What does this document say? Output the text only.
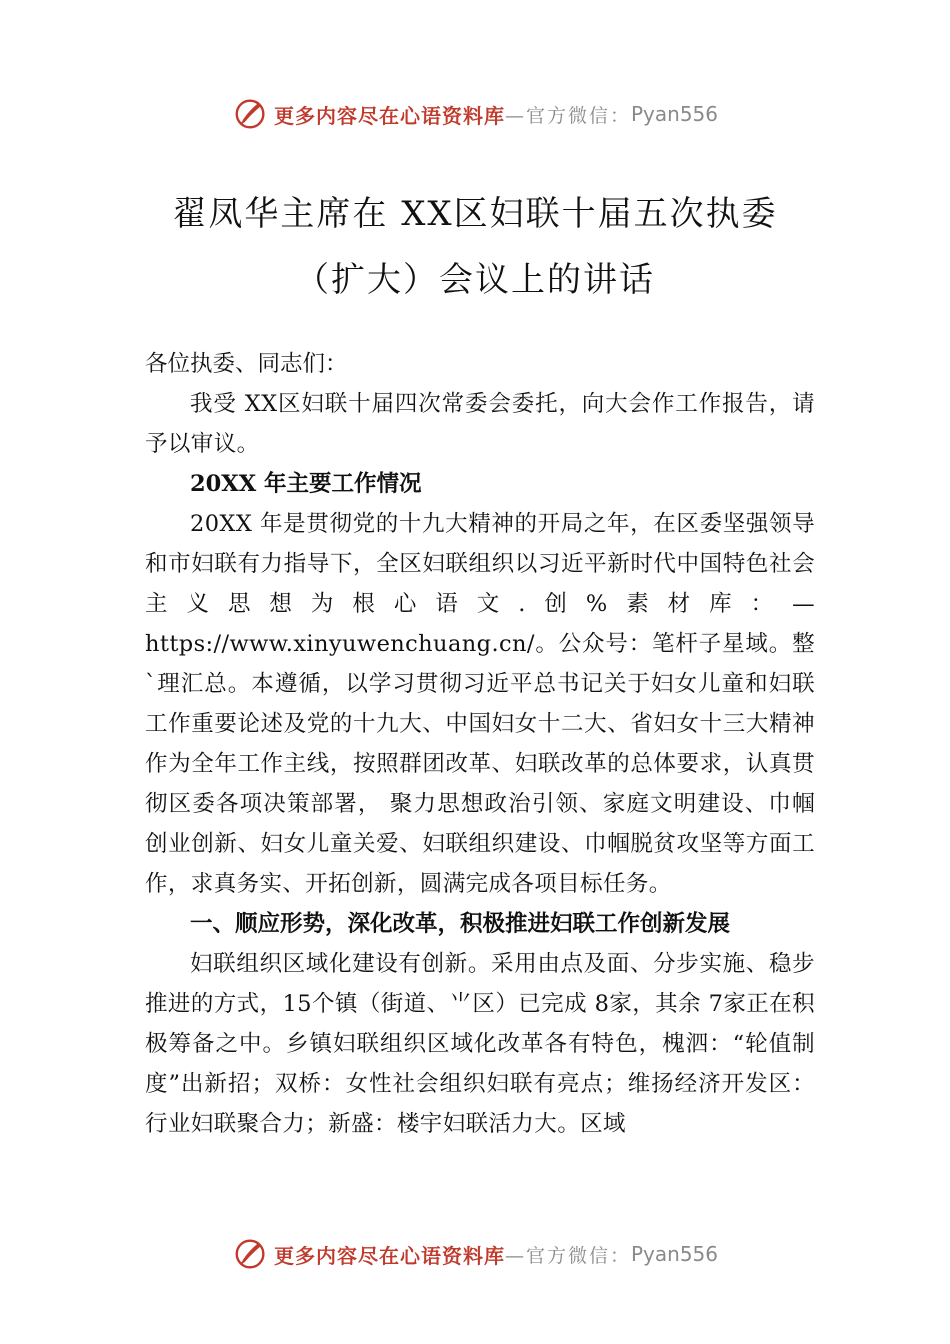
更多内容尽在心语资料库 —官方微信： Pyan556
翟凤华主席在 XX区妇联十届五次执委
（扩大）会议上的讲话

各位执委、同志们：

我受 XX区妇联十届四次常委会委托，向大会作工作报告，请予以审议。

20XX 年主要工作情况

20XX 年是贯彻党的十九大精神的开局之年，在区委坚强领导和市妇联有力指导下，全区妇联组织以习近平新时代中国特色社会主义思想为根心语文.创%素材库：—https://www.xinyuwenchuang.cn/。公众号：笔杆子星域。整`理汇总。本遵循，以学习贯彻习近平总书记关于妇女儿童和妇联工作重要论述及党的十九大、中国妇女十二大、省妇女十三大精神作为全年工作主线，按照群团改革、妇联改革的总体要求，认真贯彻区委各项决策部署， 聚力思想政治引领、家庭文明建设、巾帼创业创新、妇女儿童关爱、妇联组织建设、巾帼脱贫攻坚等方面工作，求真务实、开拓创新，圆满完成各项目标任务。

一、顺应形势，深化改革，积极推进妇联工作创新发展

妇联组织区域化建设有创新。采用由点及面、分步实施、稳步推进的方式，15个镇（街道、⺌区）已完成 8家，其余 7家正在积极筹备之中。乡镇妇联组织区域化改革各有特色，槐泗：“轮值制度”出新招；双桥：女性社会组织妇联有亮点；维扬经济开发区：行业妇联聚合力；新盛：楼宇妇联活力大。区域

更多内容尽在心语资料库 —官方微信： Pyan556
